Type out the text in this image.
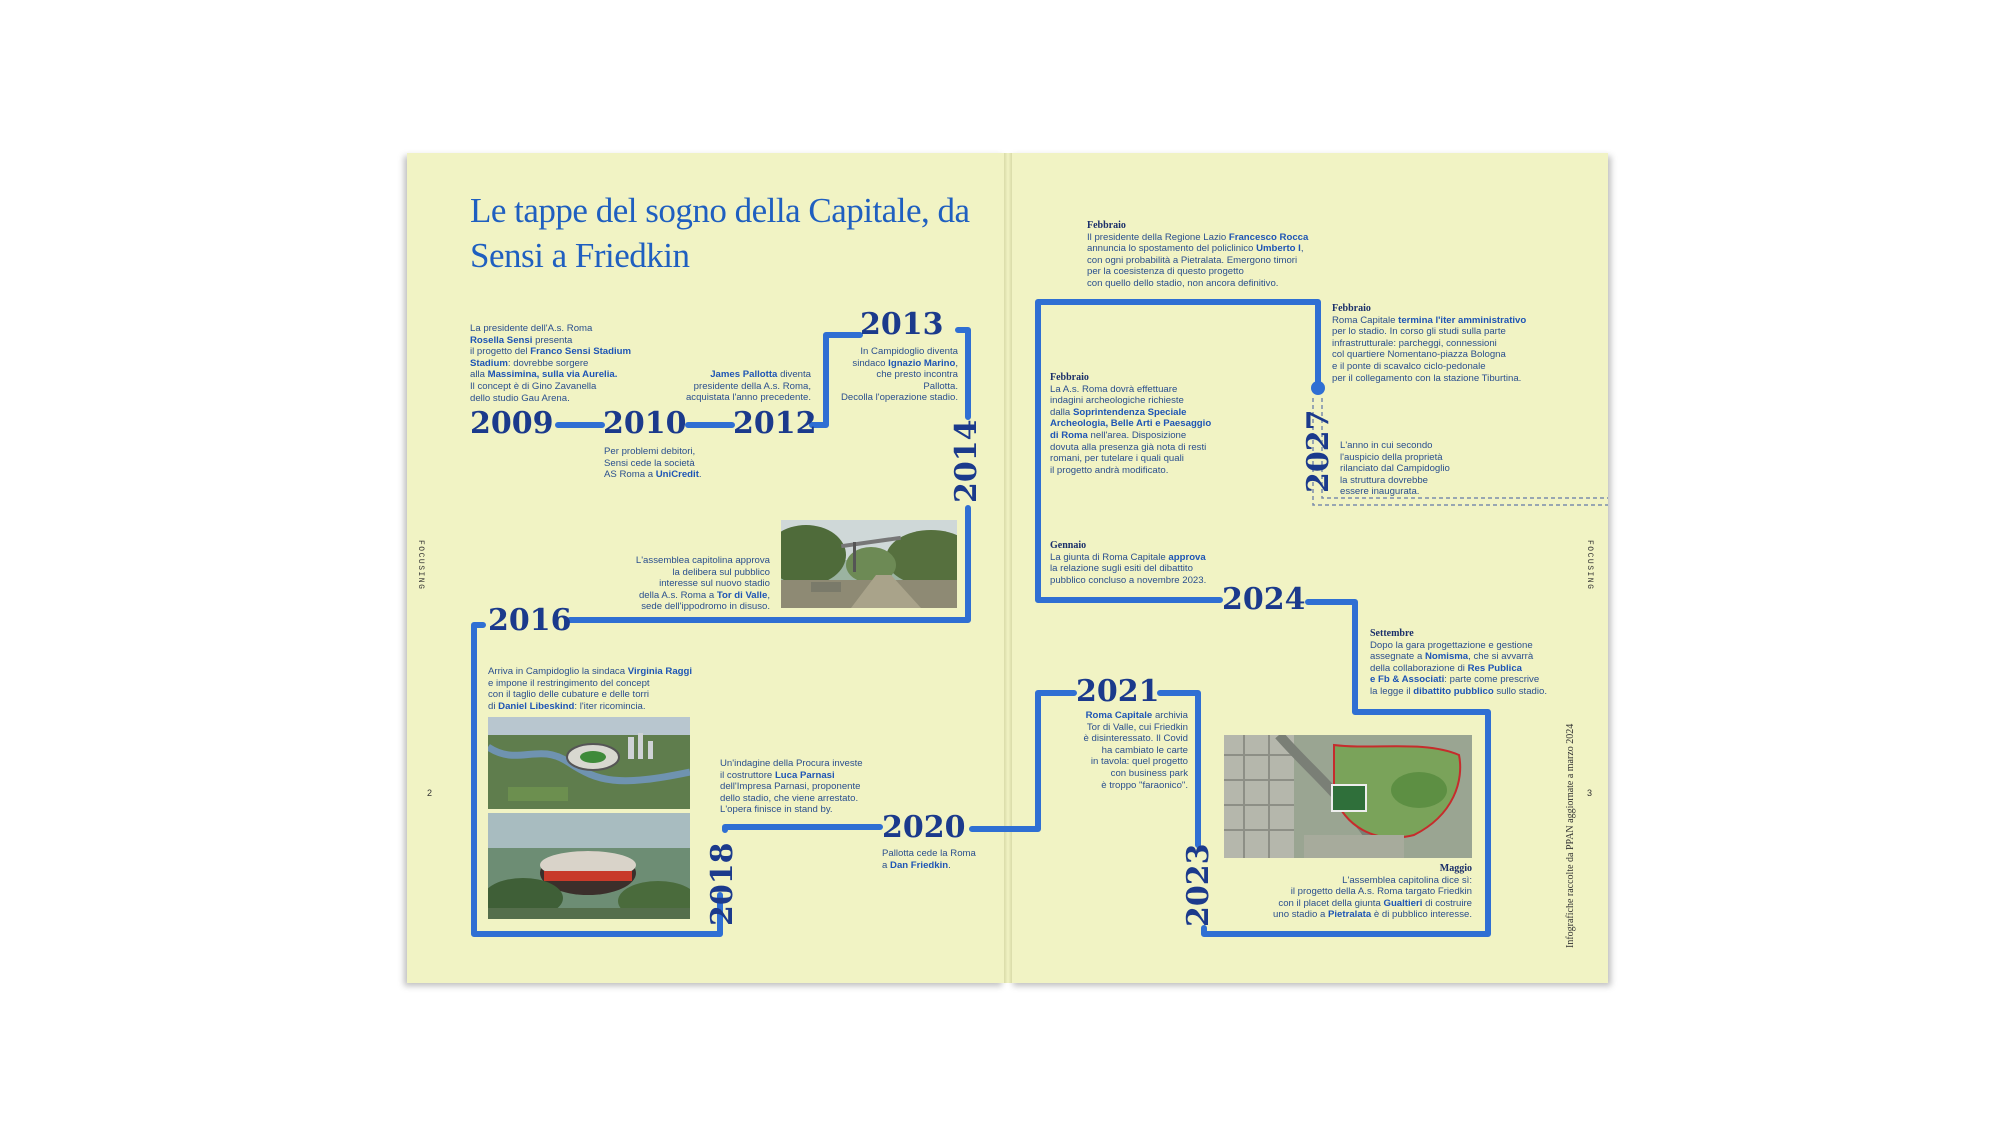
Le tappe del sogno della Capitale, da Sensi a Friedkin
2009 2010 2012
2013
2014
2016
2018
2020
2021
2023
2024
2027

La presidente dell'A.s. Roma
Rosella Sensi presenta
il progetto del Franco Sensi Stadium
Stadium: dovrebbe sorgere
alla Massimina, sulla via Aurelia.
Il concept è di Gino Zavanella
dello studio Gau Arena.

Per problemi debitori,
Sensi cede la società
AS Roma a UniCredit.

James Pallotta diventa
presidente della A.s. Roma,
acquistata l'anno precedente.

In Campidoglio diventa
sindaco Ignazio Marino,
che presto incontra Pallotta.
Decolla l'operazione stadio.

L'assemblea capitolina approva
la delibera sul pubblico
interesse sul nuovo stadio
della A.s. Roma a Tor di Valle,
sede dell'ippodromo in disuso.

Arriva in Campidoglio la sindaca Virginia Raggi
e impone il restringimento del concept
con il taglio delle cubature e delle torri
di Daniel Libeskind: l'iter ricomincia.

Un'indagine della Procura investe
il costruttore Luca Parnasi
dell'Impresa Parnasi, proponente
dello stadio, che viene arrestato.
L'opera finisce in stand by.

Pallotta cede la Roma
a Dan Friedkin.

Roma Capitale archivia
Tor di Valle, cui Friedkin
è disinteressato. Il Covid
ha cambiato le carte
in tavola: quel progetto
con business park
è troppo "faraonico".

Maggio
L'assemblea capitolina dice sì:
il progetto della A.s. Roma targato Friedkin
con il placet della giunta Gualtieri di costruire
uno stadio a Pietralata è di pubblico interesse.

Settembre
Dopo la gara progettazione e gestione
assegnate a Nomisma, che si avvarrà
della collaborazione di Res Publica
e Fb & Associati: parte come prescrive
la legge il dibattito pubblico sullo stadio.

Gennaio
La giunta di Roma Capitale approva
la relazione sugli esiti del dibattito
pubblico concluso a novembre 2023.

Febbraio
La A.s. Roma dovrà effettuare
indagini archeologiche richieste
dalla Soprintendenza Speciale
Archeologia, Belle Arti e Paesaggio
di Roma nell'area. Disposizione
dovuta alla presenza già nota di resti
romani, per tutelare i quali quali
il progetto andrà modificato.

Febbraio
Il presidente della Regione Lazio Francesco Rocca
annuncia lo spostamento del policlinico Umberto I,
con ogni probabilità a Pietralata. Emergono timori
per la coesistenza di questo progetto
con quello dello stadio, non ancora definitivo.

Febbraio
Roma Capitale termina l'iter amministrativo
per lo stadio. In corso gli studi sulla parte
infrastrutturale: parcheggi, connessioni
col quartiere Nomentano-piazza Bologna
e il ponte di scavalco ciclo-pedonale
per il collegamento con la stazione Tiburtina.

L'anno in cui secondo
l'auspicio della proprietà
rilanciato dal Campidoglio
la struttura dovrebbe
essere inaugurata.

FOCUSING	FOCUSING
2	3
Infografiche raccolte da PPAN aggiornate a marzo 2024
